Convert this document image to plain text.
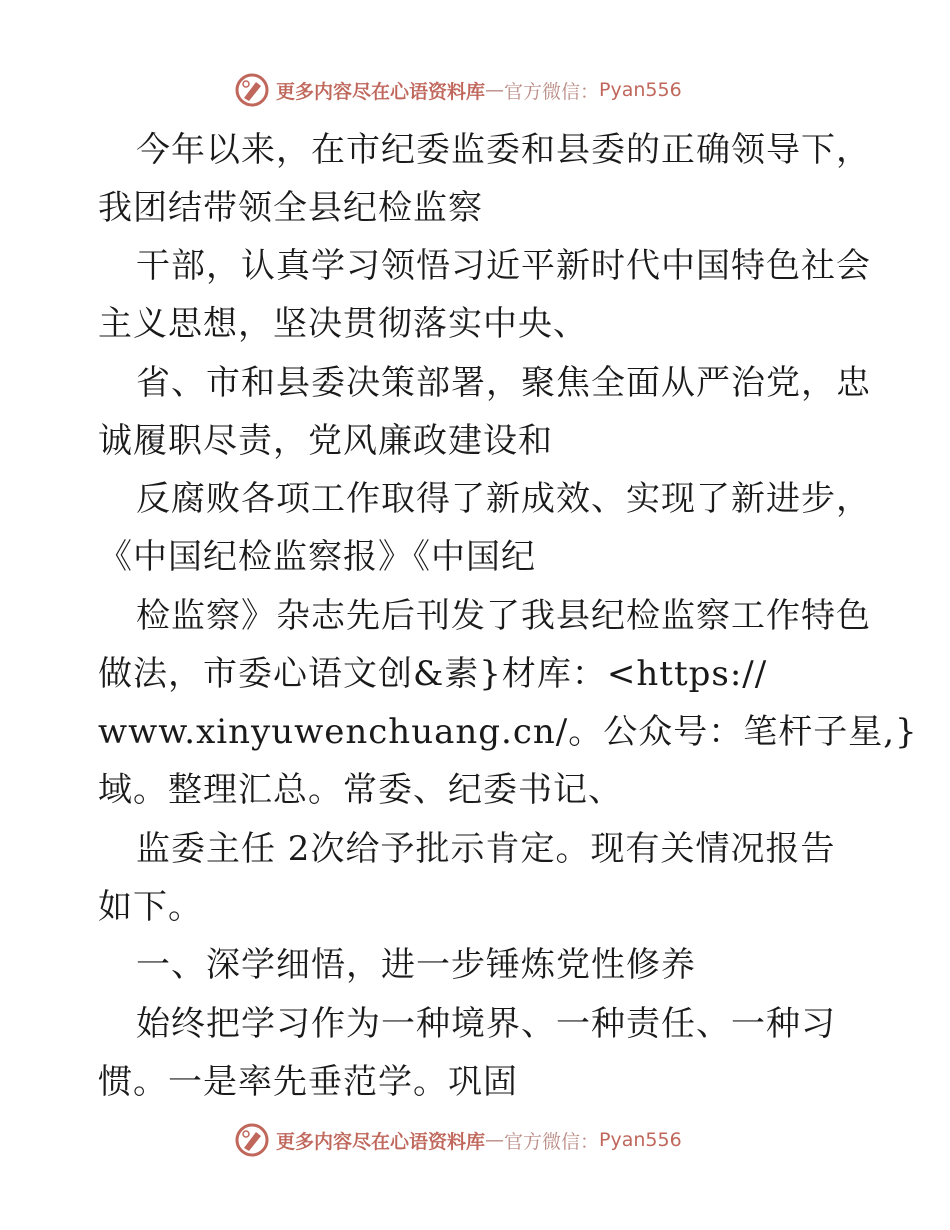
更多内容尽在心语资料库 — 官方微信： Pyan556
今年以来，在市纪委监委和县委的正确领导下，
我团结带领全县纪检监察
干部，认真学习领悟习近平新时代中国特色社会
主义思想，坚决贯彻落实中央、
省、市和县委决策部署，聚焦全面从严治党，忠
诚履职尽责，党风廉政建设和
反腐败各项工作取得了新成效、实现了新进步，
《中国纪检监察报》《中国纪
检监察》杂志先后刊发了我县纪检监察工作特色
做法，市委心语文创&素}材库：<https://
www.xinyuwenchuang.cn/。公众号：笔杆子星,}
域。整理汇总。常委、纪委书记、
监委主任 2次给予批示肯定。现有关情况报告
如下。
一、深学细悟，进一步锤炼党性修养
始终把学习作为一种境界、一种责任、一种习
惯。一是率先垂范学。巩固
更多内容尽在心语资料库 — 官方微信： Pyan556
